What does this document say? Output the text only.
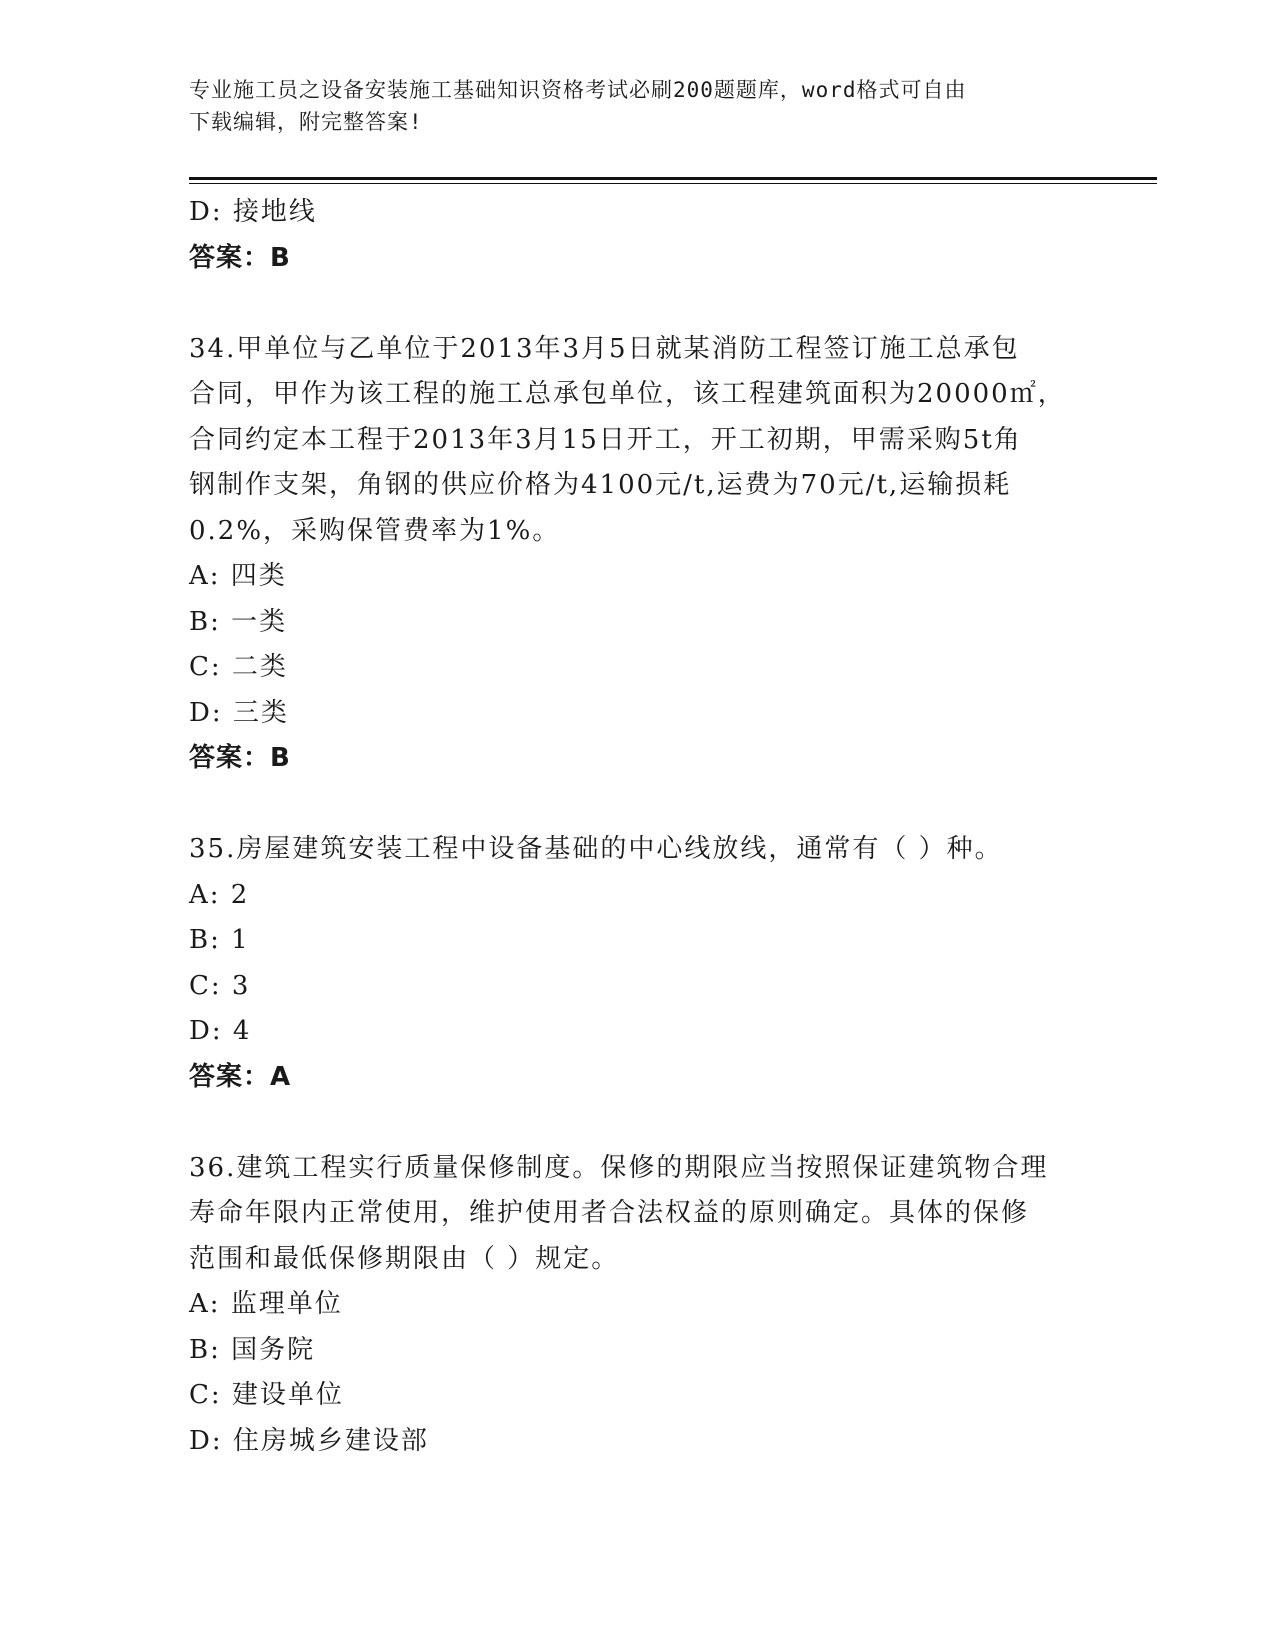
专业施工员之设备安装施工基础知识资格考试必刷200题题库，word格式可自由
下载编辑，附完整答案!

D: 接地线

答案：B

34.甲单位与乙单位于2013年3月5日就某消防工程签订施工总承包

合同，甲作为该工程的施工总承包单位，该工程建筑面积为20000㎡，

合同约定本工程于2013年3月15日开工，开工初期，甲需采购5t角

钢制作支架，角钢的供应价格为4100元/t,运费为70元/t,运输损耗

0.2%，采购保管费率为1%。

A: 四类

B: 一类

C: 二类

D: 三类

答案：B

35.房屋建筑安装工程中设备基础的中心线放线，通常有（ ）种。

A: 2

B: 1

C: 3

D: 4

答案：A

36.建筑工程实行质量保修制度。保修的期限应当按照保证建筑物合理

寿命年限内正常使用，维护使用者合法权益的原则确定。具体的保修

范围和最低保修期限由（ ）规定。

A: 监理单位

B: 国务院

C: 建设单位

D: 住房城乡建设部
